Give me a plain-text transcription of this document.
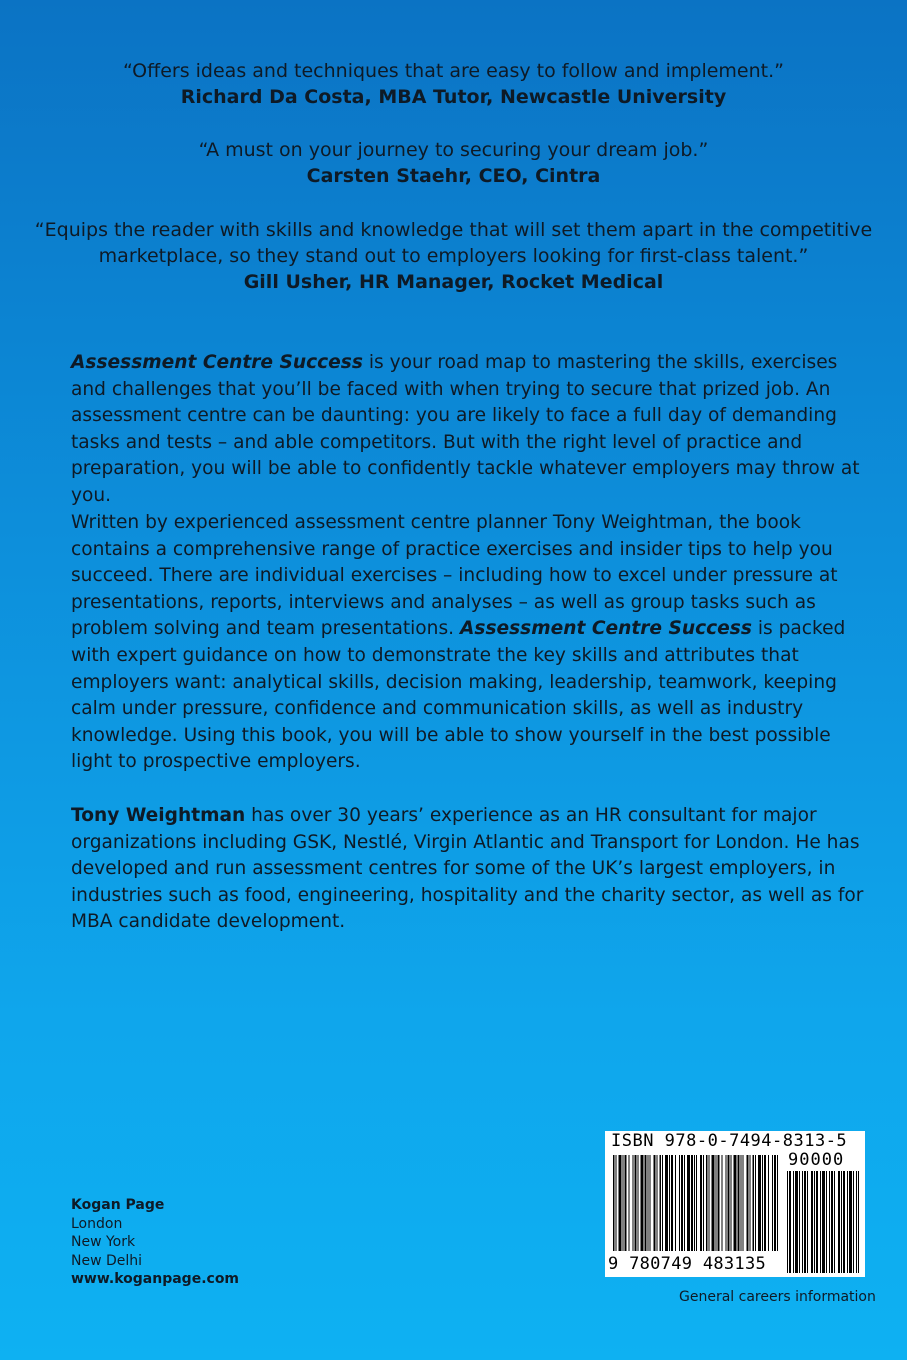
“Offers ideas and techniques that are easy to follow and implement.”

Richard Da Costa, MBA Tutor, Newcastle University

“A must on your journey to securing your dream job.”

Carsten Staehr, CEO, Cintra

“Equips the reader with skills and knowledge that will set them apart in the competitive

marketplace, so they stand out to employers looking for first-class talent.”

Gill Usher, HR Manager, Rocket Medical

Assessment Centre Success is your road map to mastering the skills, exercises and challenges that you’ll be faced with when trying to secure that prized job. An assessment centre can be daunting: you are likely to face a full day of demanding tasks and tests – and able competitors. But with the right level of practice and preparation, you will be able to confidently tackle whatever employers may throw at you.

Written by experienced assessment centre planner Tony Weightman, the book contains a comprehensive range of practice exercises and insider tips to help you succeed. There are individual exercises – including how to excel under pressure at presentations, reports, interviews and analyses – as well as group tasks such as problem solving and team presentations. Assessment Centre Success is packed with expert guidance on how to demonstrate the key skills and attributes that employers want: analytical skills, decision making, leadership, teamwork, keeping calm under pressure, confidence and communication skills, as well as industry knowledge. Using this book, you will be able to show yourself in the best possible light to prospective employers.

Tony Weightman has over 30 years’ experience as an HR consultant for major organizations including GSK, Nestlé, Virgin Atlantic and Transport for London. He has developed and run assessment centres for some of the UK’s largest employers, in industries such as food, engineering, hospitality and the charity sector, as well as for MBA candidate development.

Kogan Page
London
New York
New Delhi
www.koganpage.com
ISBN 978-0-7494-8313-5
90000
9 780749 483135
General careers information
